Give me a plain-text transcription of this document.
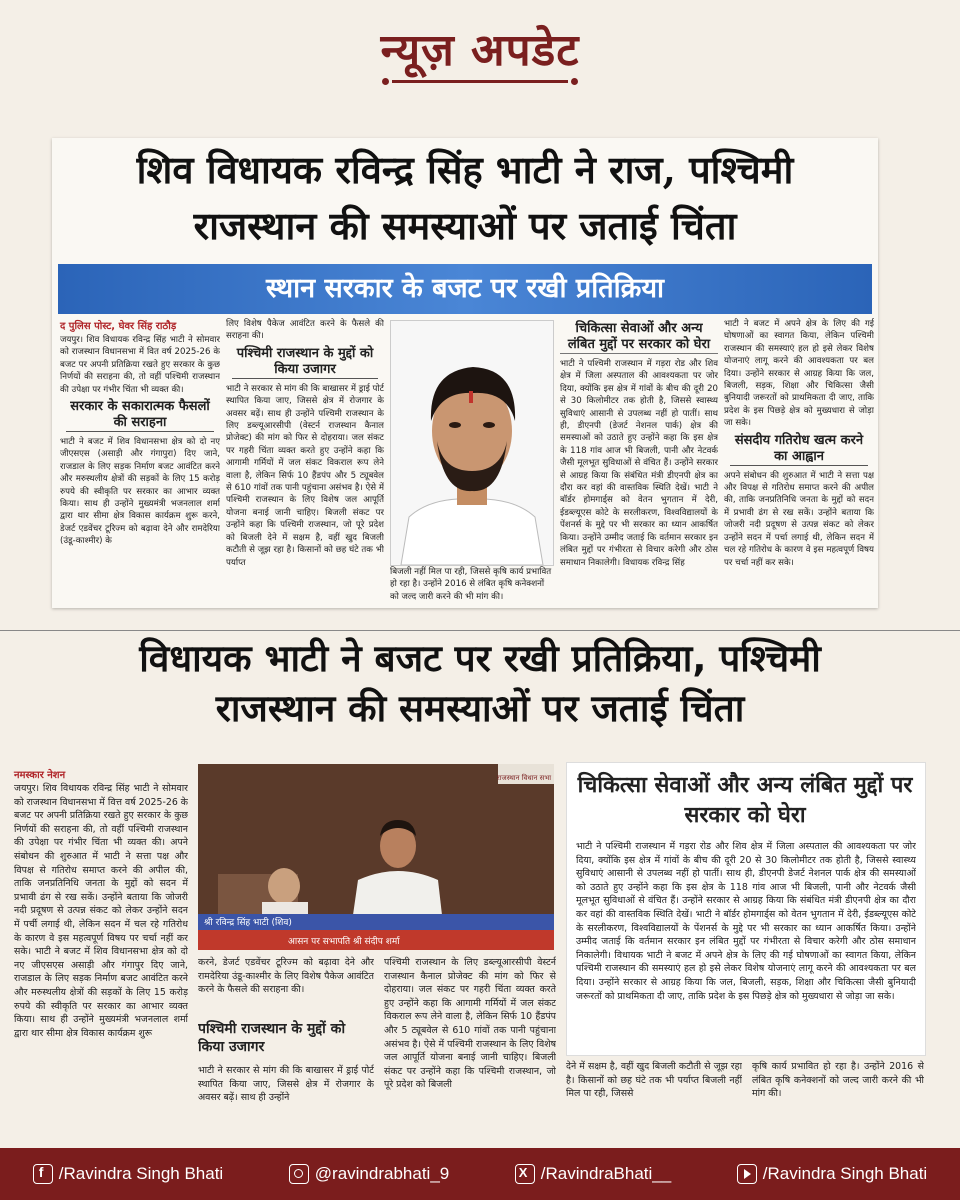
न्यूज़ अपडेट
शिव विधायक रविन्द्र सिंह भाटी ने राज, पश्चिमी
राजस्थान की समस्याओं पर जताई चिंता
स्थान सरकार के बजट पर रखी प्रतिक्रिया
द पुलिस पोस्ट, घेवर सिंह राठौड़
जयपुर। शिव विधायक रविन्द्र सिंह भाटी ने सोमवार को राजस्थान विधानसभा में वित वर्ष 2025-26 के बजट पर अपनी प्रतिक्रिया रखते हुए सरकार के कुछ निर्णयों की सराहना की, तो वहीं पश्चिमी राजस्थान की उपेक्षा पर गंभीर चिंता भी व्यक्त की।
सरकार के सकारात्मक फैसलों की सराहना
भाटी ने बजट में शिव विधानसभा क्षेत्र को दो नए जीएसएस (असाड़ी और गंगापुरा) दिए जाने, राजडाल के लिए सड़क निर्माण बजट आवंटित करने और मरुस्थलीय क्षेत्रों की सड़कों के लिए 15 करोड़ रुपये की स्वीकृति पर सरकार का आभार व्यक्त किया। साथ ही उन्होंने मुख्यमंत्री भजनलाल शर्मा द्वारा थार सीमा क्षेत्र विकास कार्यक्रम शुरू करने, डेजर्ट एडवेंचर टूरिज्म को बढ़ावा देने और रामदेरिया (उंडू-काश्मीर) के
लिए विशेष पैकेज आवंटित करने के फैसले की सराहना की।
पश्चिमी राजस्थान के मुद्दों को किया उजागर
भाटी ने सरकार से मांग की कि बाखासर में ड्राई पोर्ट स्थापित किया जाए, जिससे क्षेत्र में रोजगार के अवसर बढ़ें। साथ ही उन्होंने पश्चिमी राजस्थान के लिए डब्ल्यूआरसीपी (वेस्टर्न राजस्थान कैनाल प्रोजेक्ट) की मांग को फिर से दोहराया। जल संकट पर गहरी चिंता व्यक्त करते हुए उन्होंने कहा कि आगामी गर्मियों में जल संकट विकराल रूप लेने वाला है, लेकिन सिर्फ 10 हैंडपंप और 5 ट्यूबवेल से 610 गांवों तक पानी पहुंचाना असंभव है। ऐसे में पश्चिमी राजस्थान के लिए विशेष जल आपूर्ति योजना बनाई जानी चाहिए। बिजली संकट पर उन्होंने कहा कि पश्चिमी राजस्थान, जो पूरे प्रदेश को बिजली देने में सक्षम है, वहीं खुद बिजली कटौती से जूझ रहा है। किसानों को छह घंटे तक भी पर्याप्त
बिजली नहीं मिल पा रही, जिससे कृषि कार्य प्रभावित हो रहा है। उन्होंने 2016 से लंबित कृषि कनेक्शनों को जल्द जारी करने की भी मांग की।
चिकित्सा सेवाओं और अन्य लंबित मुद्दों पर सरकार को घेरा
भाटी ने पश्चिमी राजस्थान में गड़रा रोड और शिव क्षेत्र में जिला अस्पताल की आवश्यकता पर जोर दिया, क्योंकि इस क्षेत्र में गांवों के बीच की दूरी 20 से 30 किलोमीटर तक होती है, जिससे स्वास्थ्य सुविधाएं आसानी से उपलब्ध नहीं हो पातीं। साथ ही, डीएनपी (डेजर्ट नेशनल पार्क) क्षेत्र की समस्याओं को उठाते हुए उन्होंने कहा कि इस क्षेत्र के 118 गांव आज भी बिजली, पानी और नेटवर्क जैसी मूलभूत सुविधाओं से वंचित हैं। उन्होंने सरकार से आग्रह किया कि संबंधित मंत्री डीएनपी क्षेत्र का दौरा कर वहां की वास्तविक स्थिति देखें। भाटी ने बॉर्डर होमगार्ड्स को वेतन भुगतान में देरी, ईडब्ल्यूएस कोटे के सरलीकरण, विश्वविद्यालयों के पेंशनर्स के मुद्दे पर भी सरकार का ध्यान आकर्षित किया। उन्होंने उम्मीद जताई कि वर्तमान सरकार इन लंबित मुद्दों पर गंभीरता से विचार करेगी और ठोस समाधान निकालेगी। विधायक रविन्द्र सिंह
भाटी ने बजट में अपने क्षेत्र के लिए की गई घोषणाओं का स्वागत किया, लेकिन पश्चिमी राजस्थान की समस्याएं हल हो इसे लेकर विशेष योजनाएं लागू करने की आवश्यकता पर बल दिया। उन्होंने सरकार से आग्रह किया कि जल, बिजली, सड़क, शिक्षा और चिकित्सा जैसी बुनियादी जरूरतों को प्राथमिकता दी जाए, ताकि प्रदेश के इस पिछड़े क्षेत्र को मुख्यधारा से जोड़ा जा सके।
संसदीय गतिरोध खत्म करने का आह्वान
अपने संबोधन की शुरुआत में भाटी ने सत्ता पक्ष और विपक्ष से गतिरोध समाप्त करने की अपील की, ताकि जनप्रतिनिधि जनता के मुद्दों को सदन में प्रभावी ढंग से रख सकें। उन्होंने बताया कि जोजरी नदी प्रदूषण से उत्पन्न संकट को लेकर उन्होंने सदन में पर्चा लगाई थी, लेकिन सदन में चल रहे गतिरोध के कारण वे इस महत्वपूर्ण विषय पर चर्चा नहीं कर सके।
विधायक भाटी ने बजट पर रखी प्रतिक्रिया, पश्चिमी
राजस्थान की समस्याओं पर जताई चिंता
नमस्कार नेशन
जयपुर। शिव विधायक रविन्द्र सिंह भाटी ने सोमवार को राजस्थान विधानसभा में वित्त वर्ष 2025-26 के बजट पर अपनी प्रतिक्रिया रखते हुए सरकार के कुछ निर्णयों की सराहना की, तो वहीं पश्चिमी राजस्थान की उपेक्षा पर गंभीर चिंता भी व्यक्त की। अपने संबोधन की शुरुआत में भाटी ने सत्ता पक्ष और विपक्ष से गतिरोध समाप्त करने की अपील की, ताकि जनप्रतिनिधि जनता के मुद्दों को सदन में प्रभावी ढंग से रख सकें। उन्होंने बताया कि जोजरी नदी प्रदूषण से उत्पन्न संकट को लेकर उन्होंने सदन में पर्ची लगाई थी, लेकिन सदन में चल रहे गतिरोध के कारण वे इस महत्वपूर्ण विषय पर चर्चा नहीं कर सके। भाटी ने बजट में शिव विधानसभा क्षेत्र को दो नए जीएसएस असाड़ी और गंगापुर दिए जाने, राजडाल के लिए सड़क निर्माण बजट आवंटित करने और मरुस्थलीय क्षेत्रों की सड़कों के लिए 15 करोड़ रुपये की स्वीकृति पर सरकार का आभार व्यक्त किया। साथ ही उन्होंने मुख्यमंत्री भजनलाल शर्मा द्वारा थार सीमा क्षेत्र विकास कार्यक्रम शुरू
श्री रविन्द्र सिंह भाटी (शिव)
आसन पर सभापति श्री संदीप शर्मा
राजस्थान विधान सभा
करने, डेजर्ट एडवेंचर टूरिज्म को बढ़ावा देने और रामदेरिया उंडू-काश्मीर के लिए विशेष पैकेज आवंटित करने के फैसले की सराहना की।
पश्चिमी राजस्थान के मुद्दों को किया उजागर
भाटी ने सरकार से मांग की कि बाखासर में ड्राई पोर्ट स्थापित किया जाए, जिससे क्षेत्र में रोजगार के अवसर बढ़ें। साथ ही उन्होंने
पश्चिमी राजस्थान के लिए डब्ल्यूआरसीपी वेस्टर्न राजस्थान कैनाल प्रोजेक्ट की मांग को फिर से दोहराया। जल संकट पर गहरी चिंता व्यक्त करते हुए उन्होंने कहा कि आगामी गर्मियों में जल संकट विकराल रूप लेने वाला है, लेकिन सिर्फ 10 हैंडपंप और 5 ट्यूबवेल से 610 गांवों तक पानी पहुंचाना असंभव है। ऐसे में पश्चिमी राजस्थान के लिए विशेष जल आपूर्ति योजना बनाई जानी चाहिए। बिजली संकट पर उन्होंने कहा कि पश्चिमी राजस्थान, जो पूरे प्रदेश को बिजली
चिकित्सा सेवाओं और अन्य लंबित मुद्दों पर सरकार को घेरा
भाटी ने पश्चिमी राजस्थान में गड़रा रोड और शिव क्षेत्र में जिला अस्पताल की आवश्यकता पर जोर दिया, क्योंकि इस क्षेत्र में गांवों के बीच की दूरी 20 से 30 किलोमीटर तक होती है, जिससे स्वास्थ्य सुविधाएं आसानी से उपलब्ध नहीं हो पातीं। साथ ही, डीएनपी डेजर्ट नेशनल पार्क क्षेत्र की समस्याओं को उठाते हुए उन्होंने कहा कि इस क्षेत्र के 118 गांव आज भी बिजली, पानी और नेटवर्क जैसी मूलभूत सुविधाओं से वंचित हैं। उन्होंने सरकार से आग्रह किया कि संबंधित मंत्री डीएनपी क्षेत्र का दौरा कर वहां की वास्तविक स्थिति देखें। भाटी ने बॉर्डर होमगार्ड्स को वेतन भुगतान में देरी, ईडब्ल्यूएस कोटे के सरलीकरण, विश्वविद्यालयों के पेंशनर्स के मुद्दे पर भी सरकार का ध्यान आकर्षित किया। उन्होंने उम्मीद जताई कि वर्तमान सरकार इन लंबित मुद्दों पर गंभीरता से विचार करेगी और ठोस समाधान निकालेगी। विधायक भाटी ने बजट में अपने क्षेत्र के लिए की गई घोषणाओं का स्वागत किया, लेकिन पश्चिमी राजस्थान की समस्याएं हल हो इसे लेकर विशेष योजनाएं लागू करने की आवश्यकता पर बल दिया। उन्होंने सरकार से आग्रह किया कि जल, बिजली, सड़क, शिक्षा और चिकित्सा जैसी बुनियादी जरूरतों को प्राथमिकता दी जाए, ताकि प्रदेश के इस पिछड़े क्षेत्र को मुख्यधारा से जोड़ा जा सके।
देने में सक्षम है, वहीं खुद बिजली कटौती से जूझ रहा है। किसानों को छह घंटे तक भी पर्याप्त बिजली नहीं मिल पा रही, जिससे
कृषि कार्य प्रभावित हो रहा है। उन्होंने 2016 से लंबित कृषि कनेक्शनों को जल्द जारी करने की भी मांग की।
f
/Ravindra Singh Bhati	@ravindrabhati_9
X	/RavindraBhati__	/Ravindra Singh Bhati
